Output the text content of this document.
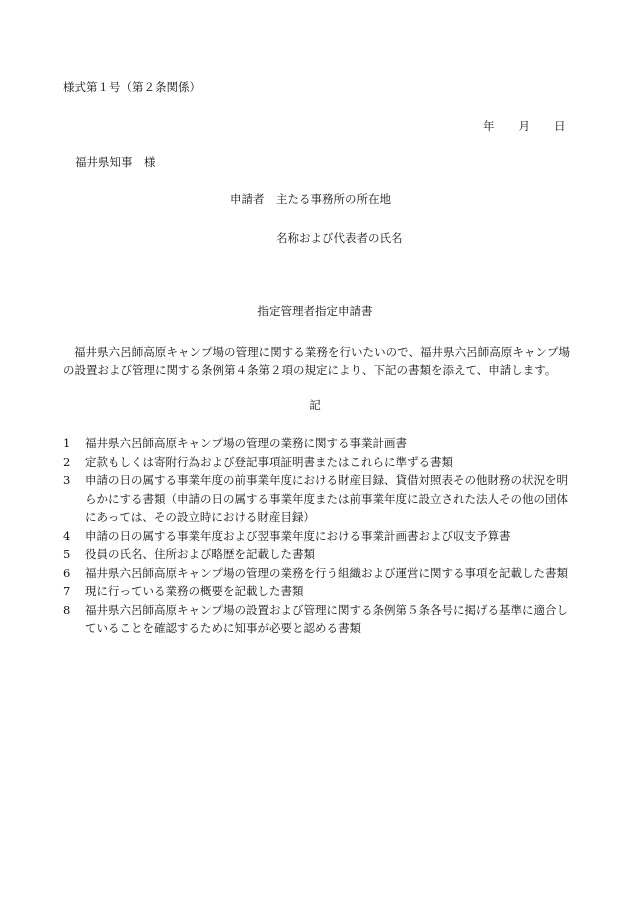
様式第１号（第２条関係）
年 月 日
福井県知事　様
申請者　主たる事務所の所在地
名称および代表者の氏名
指定管理者指定申請書
福井県六呂師高原キャンプ場の管理に関する業務を行いたいので、福井県六呂師高原キャンプ場の設置および管理に関する条例第４条第２項の規定により、下記の書類を添えて、申請します。
記
1	福井県六呂師高原キャンプ場の管理の業務に関する事業計画書
2	定款もしくは寄附行為および登記事項証明書またはこれらに準ずる書類
3	申請の日の属する事業年度の前事業年度における財産目録、貸借対照表その他財務の状況を明らかにする書類（申請の日の属する事業年度または前事業年度に設立された法人その他の団体にあっては、その設立時における財産目録）
4	申請の日の属する事業年度および翌事業年度における事業計画書および収支予算書
5	役員の氏名、住所および略歴を記載した書類
6	福井県六呂師高原キャンプ場の管理の業務を行う組織および運営に関する事項を記載した書類
7	現に行っている業務の概要を記載した書類
8	福井県六呂師高原キャンプ場の設置および管理に関する条例第５条各号に掲げる基準に適合していることを確認するために知事が必要と認める書類
